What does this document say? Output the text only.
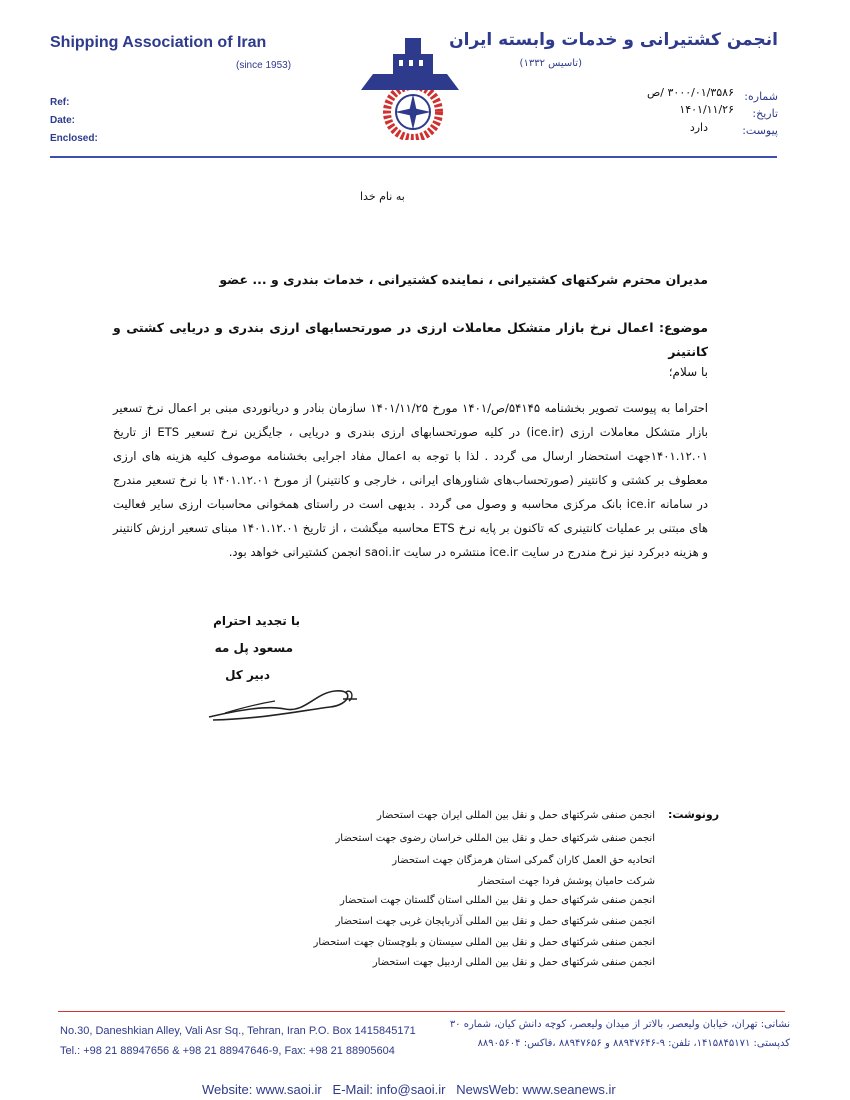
Shipping Association of Iran
(since 1953)
انجمن کشتیرانی و خدمات وابسته ایران
(تاسیس ۱۳۳۲)
Ref:
Date:
Enclosed:
شماره:
۳۰۰۰/۰۱/۳۵۸۶ /ص
تاریخ:
۱۴۰۱/۱۱/۲۶
پیوست:
دارد
به نام خدا
مدیران محترم شرکتهای کشتیرانی ، نماینده کشتیرانی ، خدمات بندری و ... عضو
موضوع: اعمال نرخ بازار متشکل معاملات ارزی در صورتحسابهای ارزی بندری و دریایی کشتی و کانتینر
با سلام؛
احتراما به پیوست تصویر بخشنامه ۵۴۱۴۵/ص/۱۴۰۱ مورخ ۱۴۰۱/۱۱/۲۵ سازمان بنادر و دریانوردی مبنی بر اعمال نرخ تسعیر بازار متشکل معاملات ارزی (ice.ir) در کلیه صورتحسابهای ارزی بندری و دریایی ، جایگزین نرخ تسعیر ETS از تاریخ ۱۴۰۱.۱۲.۰۱جهت استحضار ارسال می گردد . لذا با توجه به اعمال مفاد اجرایی بخشنامه موصوف کلیه هزینه های ارزی معطوف بر کشتی و کانتینر (صورتحساب‌های شناورهای ایرانی ، خارجی و کانتینر) از مورخ ۱۴۰۱.۱۲.۰۱ با نرخ تسعیر مندرج در سامانه ice.ir بانک مرکزی محاسبه و وصول می گردد . بدیهی است در راستای همخوانی محاسبات ارزی سایر فعالیت های مبتنی بر عملیات کانتینری که تاکنون بر پایه نرخ ETS محاسبه میگشت ، از تاریخ ۱۴۰۱.۱۲.۰۱ مبنای تسعیر ارزش کانتینر و هزینه دبرکرد نیز نرخ مندرج در سایت ice.ir منتشره در سایت saoi.ir انجمن کشتیرانی خواهد بود.
با تجدید احترام
مسعود پل مه
دبیر کل
رونوشت:
انجمن صنفی شرکتهای حمل و نقل بین المللی ایران جهت استحضار
انجمن صنفی شرکتهای حمل و نقل بین المللی خراسان رضوی جهت استحضار
اتحادیه حق العمل کاران گمرکی استان هرمزگان جهت استحضار
شرکت حامیان پوشش فردا جهت استحضار
انجمن صنفی شرکتهای حمل و نقل بین المللی استان گلستان جهت استحضار
انجمن صنفی شرکتهای حمل و نقل بین المللی آذربایجان غربی جهت استحضار
انجمن صنفی شرکتهای حمل و نقل بین المللی سیستان و بلوچستان جهت استحضار
انجمن صنفی شرکتهای حمل و نقل بین المللی اردبیل جهت استحضار
No.30, Daneshkian Alley, Vali Asr Sq., Tehran, Iran P.O. Box 1415845171
Tel.: +98 21 88947656 & +98 21 88947646-9, Fax: +98 21 88905604
نشانی: تهران، خیابان ولیعصر، بالاتر از میدان ولیعصر، کوچه دانش کیان، شماره ۳۰
کدپستی: ۱۴۱۵۸۴۵۱۷۱، تلفن: ۹-۸۸۹۴۷۶۴۶ و ۸۸۹۴۷۶۵۶ ،فاکس: ۸۸۹۰۵۶۰۴
Website: www.saoi.ir   E-Mail: info@saoi.ir   NewsWeb: www.seanews.ir
